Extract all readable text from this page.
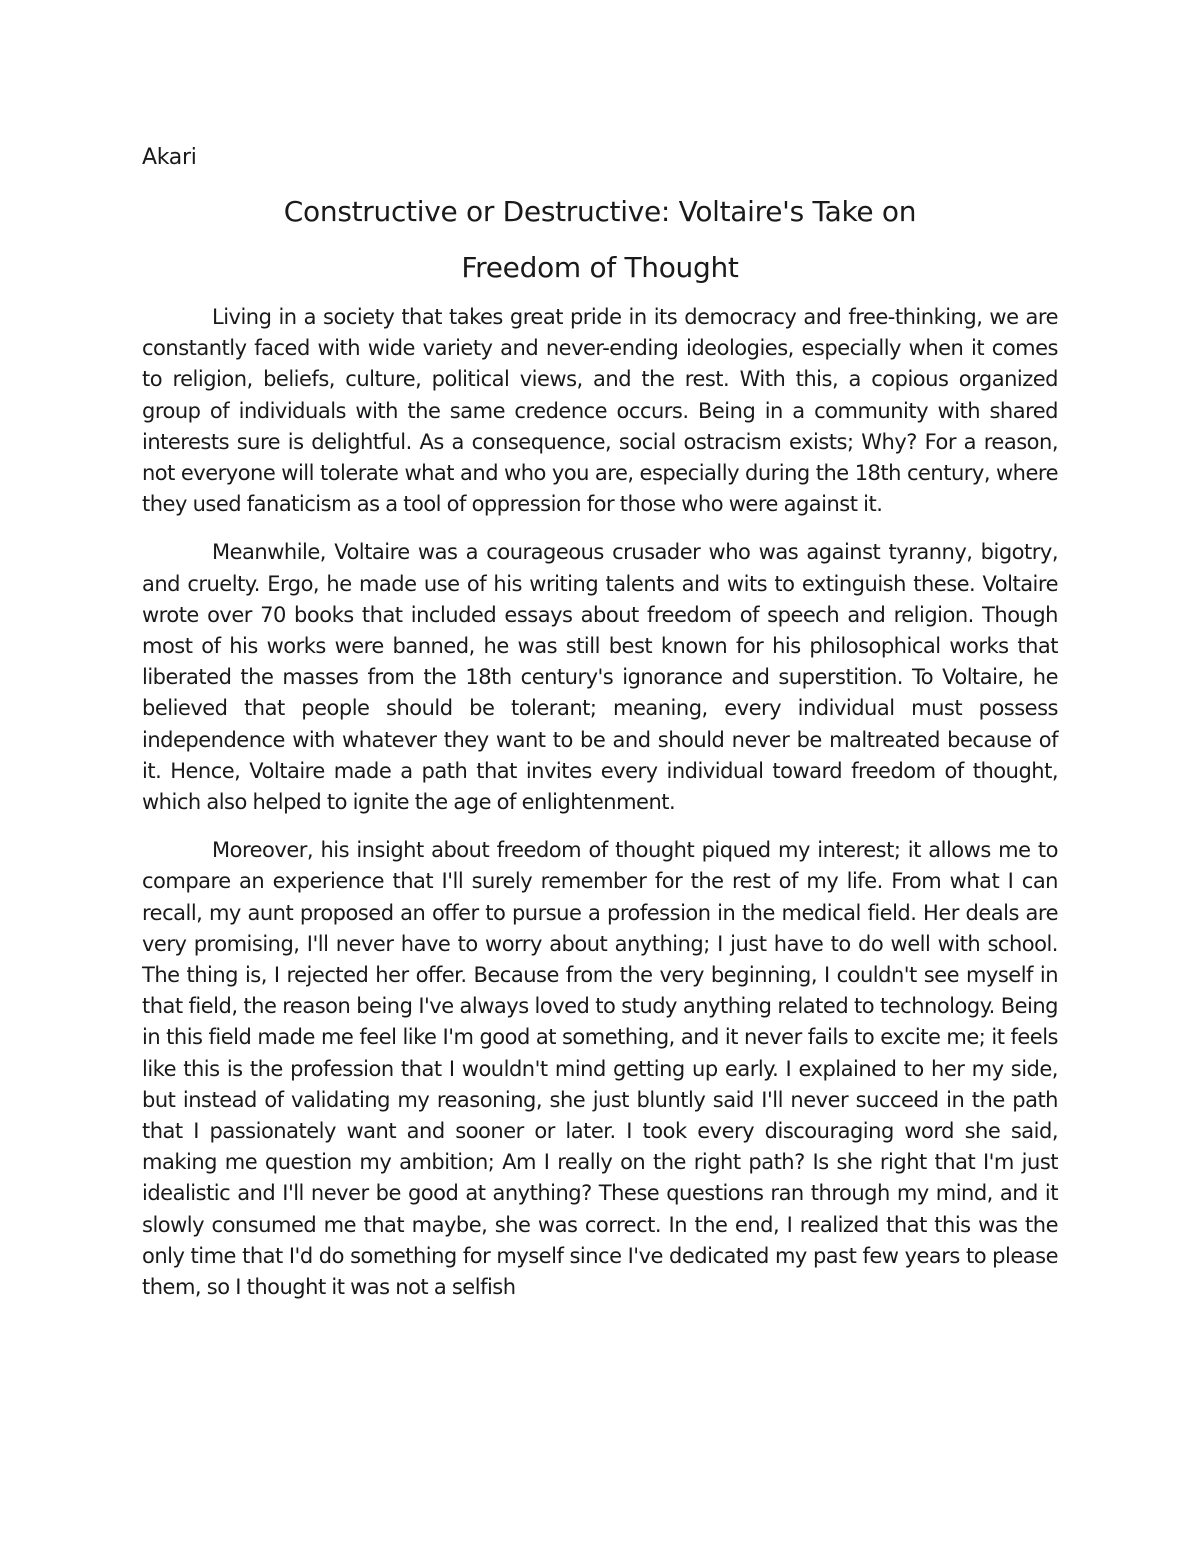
Akari
Constructive or Destructive: Voltaire's Take on
Freedom of Thought

Living in a society that takes great pride in its democracy and free-thinking, we are constantly faced with wide variety and never-ending ideologies, especially when it comes to religion, beliefs, culture, political views, and the rest. With this, a copious organized group of individuals with the same credence occurs. Being in a community with shared interests sure is delightful. As a consequence, social ostracism exists; Why? For a reason, not everyone will tolerate what and who you are, especially during the 18th century, where they used fanaticism as a tool of oppression for those who were against it.

Meanwhile, Voltaire was a courageous crusader who was against tyranny, bigotry, and cruelty. Ergo, he made use of his writing talents and wits to extinguish these. Voltaire wrote over 70 books that included essays about freedom of speech and religion. Though most of his works were banned, he was still best known for his philosophical works that liberated the masses from the 18th century's ignorance and superstition. To Voltaire, he believed that people should be tolerant; meaning, every individual must possess independence with whatever they want to be and should never be maltreated because of it. Hence, Voltaire made a path that invites every individual toward freedom of thought, which also helped to ignite the age of enlightenment.

Moreover, his insight about freedom of thought piqued my interest; it allows me to compare an experience that I'll surely remember for the rest of my life. From what I can recall, my aunt proposed an offer to pursue a profession in the medical field. Her deals are very promising, I'll never have to worry about anything; I just have to do well with school. The thing is, I rejected her offer. Because from the very beginning, I couldn't see myself in that field, the reason being I've always loved to study anything related to technology. Being in this field made me feel like I'm good at something, and it never fails to excite me; it feels like this is the profession that I wouldn't mind getting up early. I explained to her my side, but instead of validating my reasoning, she just bluntly said I'll never succeed in the path that I passionately want and sooner or later. I took every discouraging word she said, making me question my ambition; Am I really on the right path? Is she right that I'm just idealistic and I'll never be good at anything? These questions ran through my mind, and it slowly consumed me that maybe, she was correct. In the end, I realized that this was the only time that I'd do something for myself since I've dedicated my past few years to please them, so I thought it was not a selfish
